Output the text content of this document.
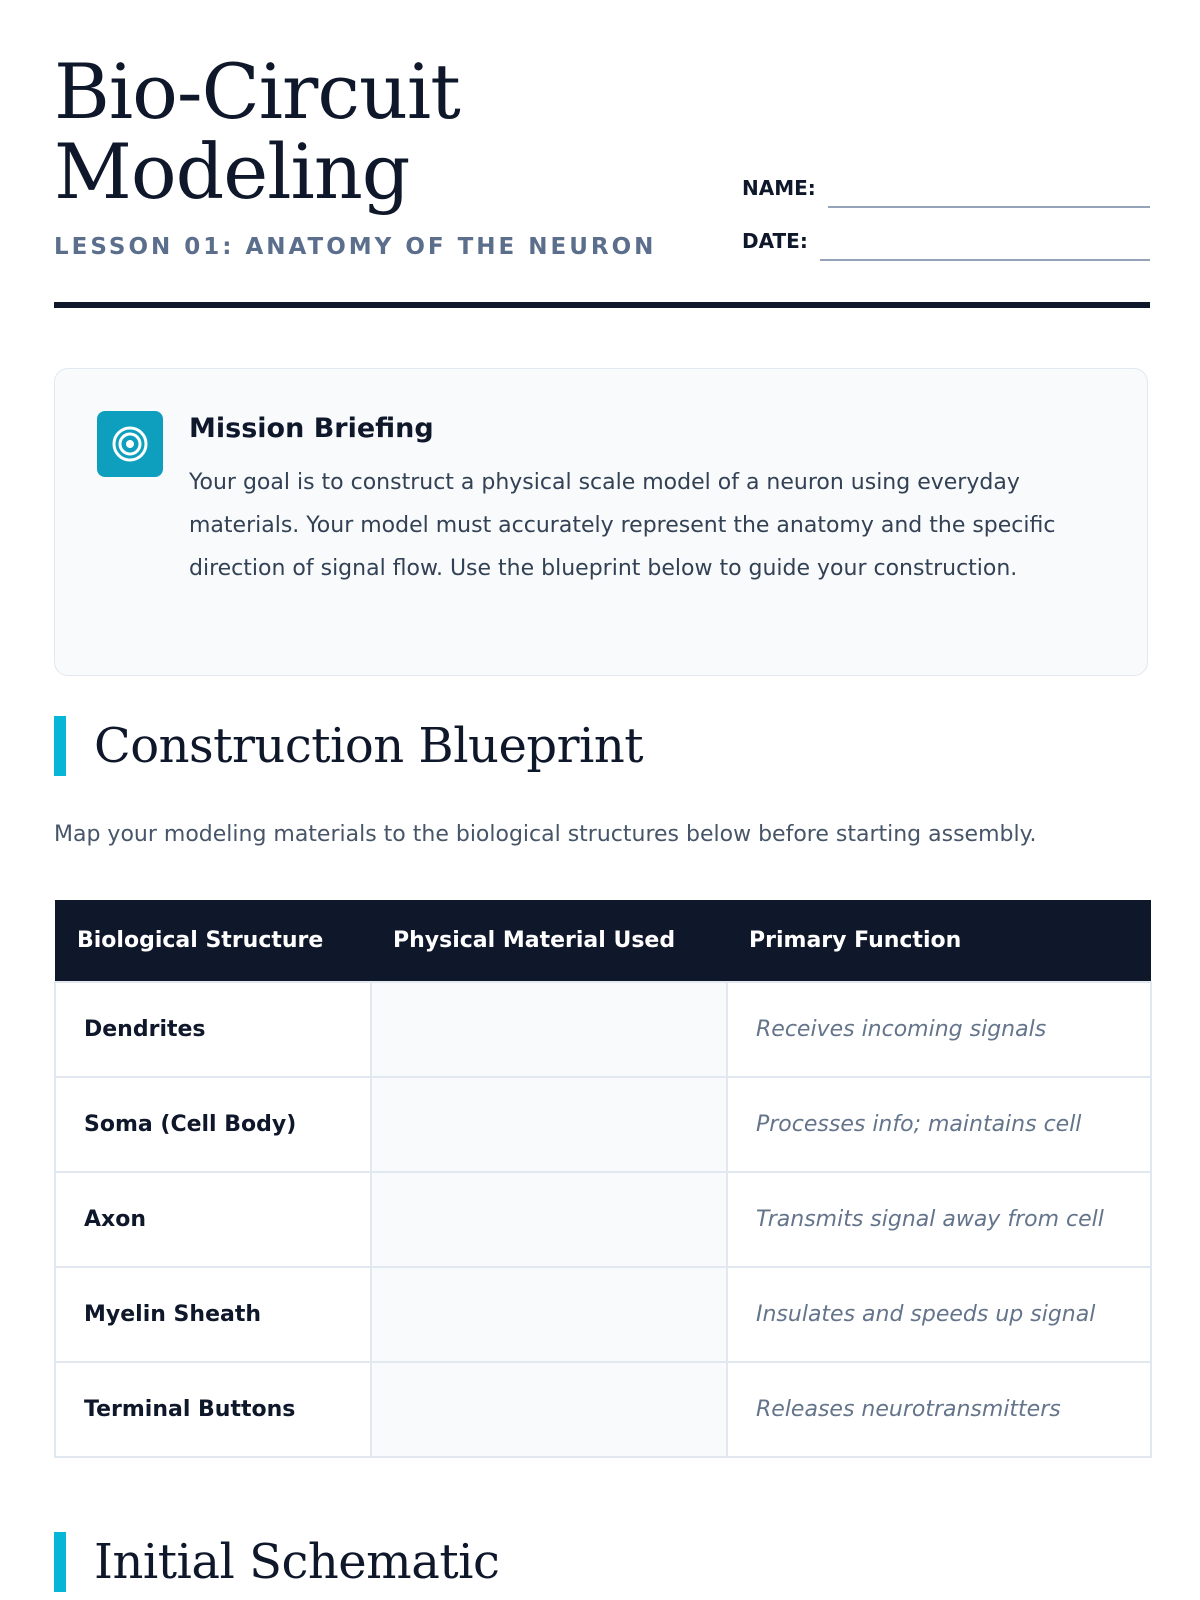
Bio-Circuit
Modeling
LESSON 01: ANATOMY OF THE NEURON
NAME:
DATE:
Mission Briefing
Your goal is to construct a physical scale model of a neuron using everyday materials. Your model must accurately represent the anatomy and the specific direction of signal flow. Use the blueprint below to guide your construction.
Construction Blueprint
Map your modeling materials to the biological structures below before starting assembly.
Biological Structure	Physical Material Used	Primary Function
Dendrites		Receives incoming signals
Soma (Cell Body)		Processes info; maintains cell
Axon		Transmits signal away from cell
Myelin Sheath		Insulates and speeds up signal
Terminal Buttons		Releases neurotransmitters
Initial Schematic
